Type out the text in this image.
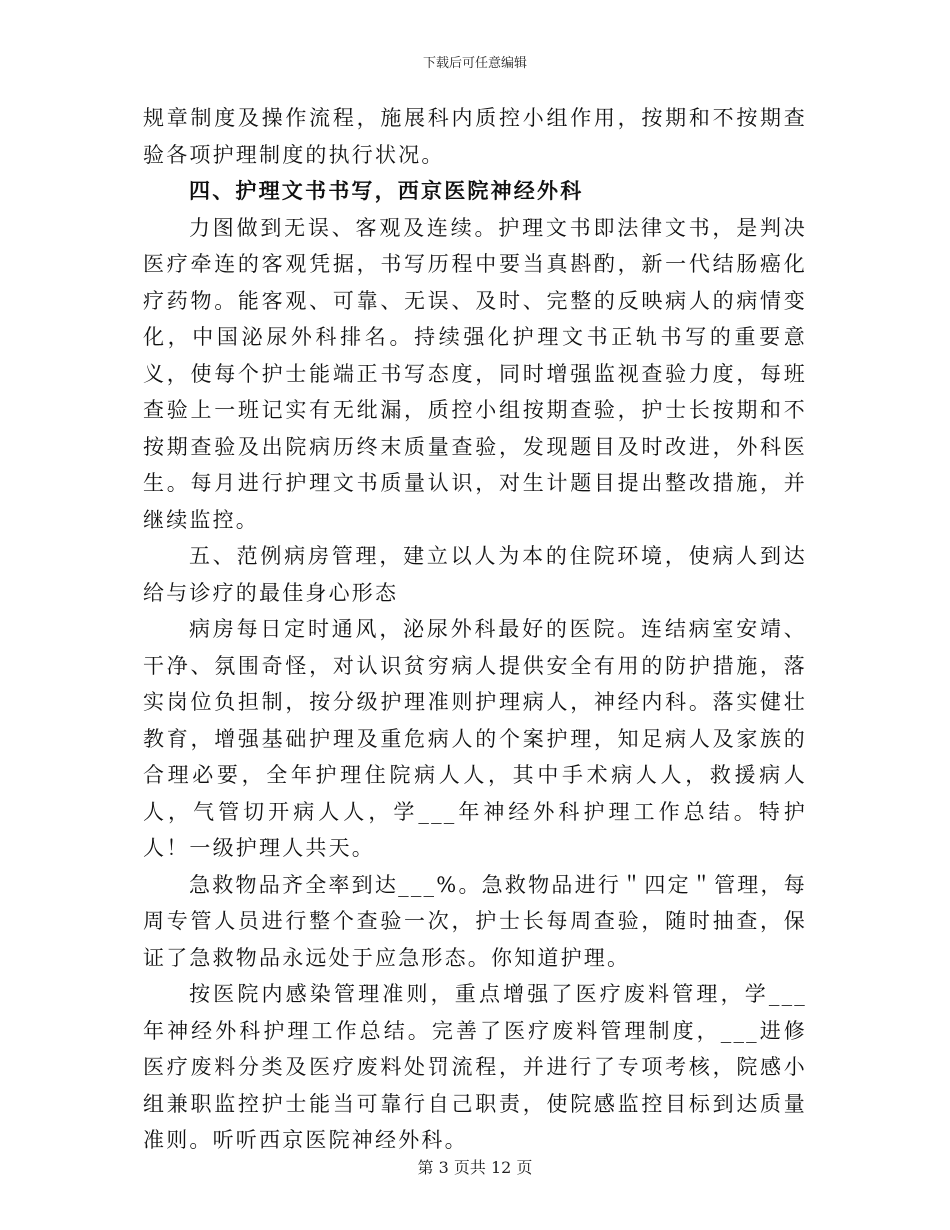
下载后可任意编辑

规章制度及操作流程，施展科内质控小组作用，按期和不按期查验各项护理制度的执行状况。

四、护理文书书写，西京医院神经外科

力图做到无误、客观及连续。护理文书即法律文书，是判决医疗牵连的客观凭据，书写历程中要当真斟酌，新一代结肠癌化疗药物。能客观、可靠、无误、及时、完整的反映病人的病情变化，中国泌尿外科排名。持续强化护理文书正轨书写的重要意义，使每个护士能端正书写态度，同时增强监视查验力度，每班查验上一班记实有无纰漏，质控小组按期查验，护士长按期和不按期查验及出院病历终末质量查验，发现题目及时改进，外科医生。每月进行护理文书质量认识，对生计题目提出整改措施，并继续监控。

五、范例病房管理，建立以人为本的住院环境，使病人到达给与诊疗的最佳身心形态

病房每日定时通风，泌尿外科最好的医院。连结病室安靖、干净、氛围奇怪，对认识贫穷病人提供安全有用的防护措施，落实岗位负担制，按分级护理准则护理病人，神经内科。落实健壮教育，增强基础护理及重危病人的个案护理，知足病人及家族的合理必要，全年护理住院病人人，其中手术病人人，救援病人人，气管切开病人人，学___年神经外科护理工作总结。特护人！一级护理人共天。

急救物品齐全率到达___%。急救物品进行＂四定＂管理，每周专管人员进行整个查验一次，护士长每周查验，随时抽查，保证了急救物品永远处于应急形态。你知道护理。

按医院内感染管理准则，重点增强了医疗废料管理，学___年神经外科护理工作总结。完善了医疗废料管理制度，___进修医疗废料分类及医疗废料处罚流程，并进行了专项考核，院感小组兼职监控护士能当可靠行自己职责，使院感监控目标到达质量准则。听听西京医院神经外科。

第 3 页共 12 页
